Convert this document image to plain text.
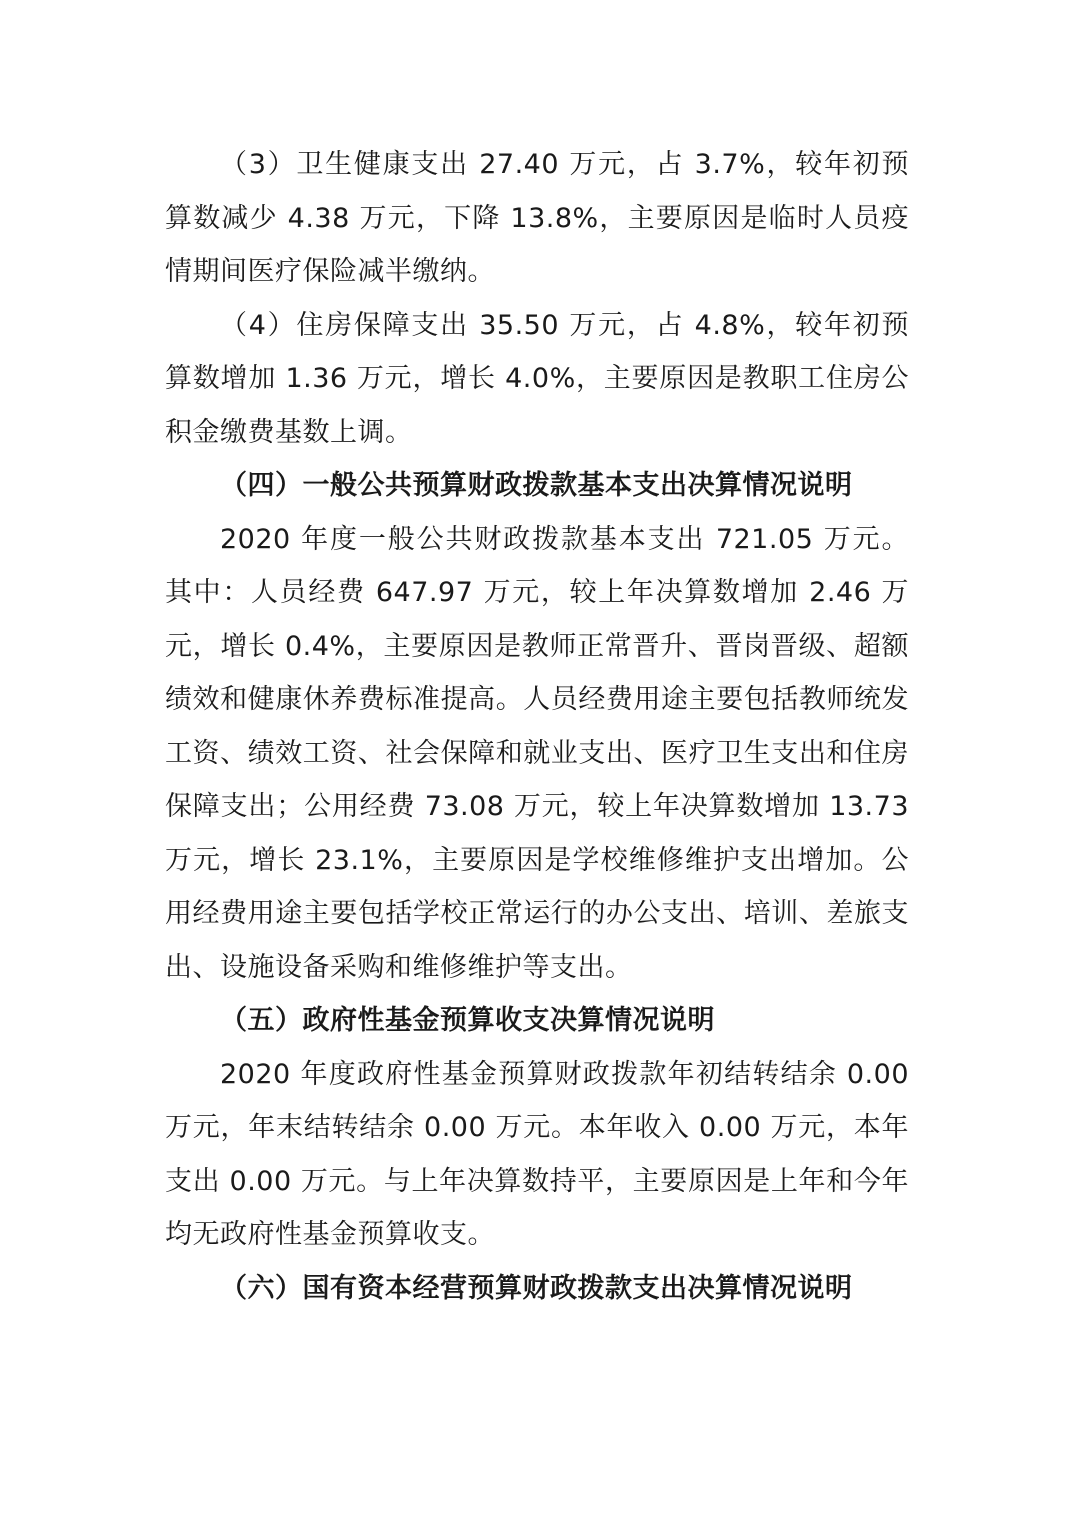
（3）卫生健康支出 27.40 万元，占 3.7%，较年初预算数减少 4.38 万元，下降 13.8%，主要原因是临时人员疫情期间医疗保险减半缴纳。

（4）住房保障支出 35.50 万元，占 4.8%，较年初预算数增加 1.36 万元，增长 4.0%，主要原因是教职工住房公积金缴费基数上调。

（四）一般公共预算财政拨款基本支出决算情况说明

2020 年度一般公共财政拨款基本支出 721.05 万元。其中：人员经费 647.97 万元，较上年决算数增加 2.46 万元，增长 0.4%，主要原因是教师正常晋升、晋岗晋级、超额绩效和健康休养费标准提高。人员经费用途主要包括教师统发工资、绩效工资、社会保障和就业支出、医疗卫生支出和住房保障支出；公用经费 73.08 万元，较上年决算数增加 13.73 万元，增长 23.1%，主要原因是学校维修维护支出增加。公用经费用途主要包括学校正常运行的办公支出、培训、差旅支出、设施设备采购和维修维护等支出。

（五）政府性基金预算收支决算情况说明

2020 年度政府性基金预算财政拨款年初结转结余 0.00 万元，年末结转结余 0.00 万元。本年收入 0.00 万元，本年支出 0.00 万元。与上年决算数持平，主要原因是上年和今年均无政府性基金预算收支。

（六）国有资本经营预算财政拨款支出决算情况说明
